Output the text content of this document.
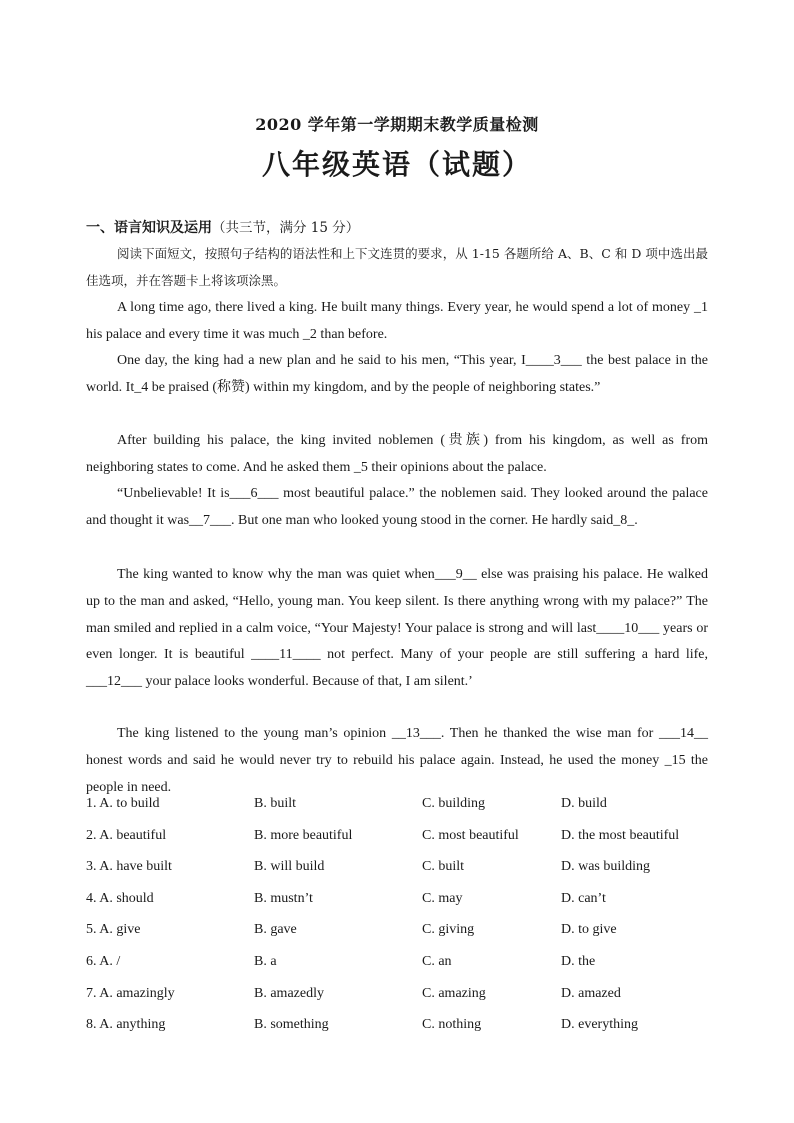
2020 学年第一学期期末教学质量检测
八年级英语（试题）
一、语言知识及运用（共三节，满分 15 分）
阅读下面短文，按照句子结构的语法性和上下文连贯的要求，从 1-15 各题所给 A、B、C 和 D 项中选出最佳选项，并在答题卡上将该项涂黑。
A long time ago, there lived a king. He built many things. Every year, he would spend a lot of money _1 his palace and every time it was much _2 than before.
One day, the king had a new plan and he said to his men, “This year, I____3___ the best palace in the world. It_4 be praised (称赞) within my kingdom, and by the people of neighboring states.”
After building his palace, the king invited noblemen (贵族) from his kingdom, as well as from neighboring states to come. And he asked them _5 their opinions about the palace.
“Unbelievable! It is___6___ most beautiful palace.” the noblemen said. They looked around the palace and thought it was__7___. But one man who looked young stood in the corner. He hardly said_8_.
The king wanted to know why the man was quiet when___9__ else was praising his palace. He walked up to the man and asked, “Hello, young man. You keep silent. Is there anything wrong with my palace?” The man smiled and replied in a calm voice, “Your Majesty! Your palace is strong and will last____10___ years or even longer. It is beautiful ____11____ not perfect. Many of your people are still suffering a hard life, ___12___ your palace looks wonderful. Because of that, I am silent.’
The king listened to the young man’s opinion __13___. Then he thanked the wise man for ___14__ honest words and said he would never try to rebuild his palace again. Instead, he used the money _15 the people in need.
1. A. to build	B. built	C. building	D. build
2. A. beautiful	B. more beautiful	C. most beautiful	D. the most beautiful
3. A. have built	B. will build	C. built	D. was building
4. A. should	B. mustn’t	C. may	D. can’t
5. A. give	B. gave	C. giving	D. to give
6. A. /	B. a	C. an	D. the
7. A. amazingly	B. amazedly	C. amazing	D. amazed
8. A. anything	B. something	C. nothing	D. everything
